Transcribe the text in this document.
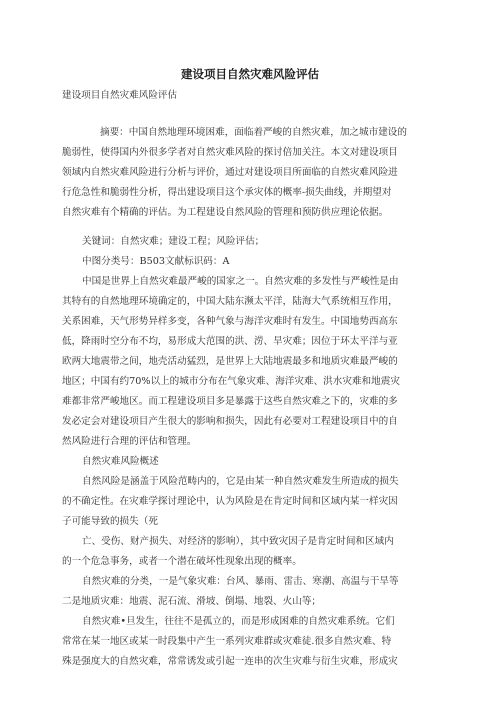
建设项目自然灾难风险评估
建设项目自然灾难风险评估
摘要：中国自然地理环境困难，面临着严峻的自然灾难，加之城市建设的
脆弱性，使得国内外很多学者对自然灾难风险的探讨倍加关注。本文对建设项目
领域内自然灾难风险进行分析与评价，通过对建设项目所面临的自然灾难风险进
行危急性和脆弱性分析，得出建设项目这个承灾体的概率-损失曲线，并期望对
自然灾难有个精确的评估。为工程建设自然风险的管理和预防供应理论依据。
关键词：自然灾难；建设工程；风险评估；
中图分类号：B503文献标识码：A
中国是世界上自然灾难最严峻的国家之一。自然灾难的多发性与严峻性是由
其特有的自然地理环境确定的，中国大陆东濒太平洋，陆海大气系统相互作用，
关系困难，天气形势异样多变，各种气象与海洋灾难时有发生。中国地势西高东
低，降雨时空分布不均，易形成大范围的洪、涝、旱灾难；因位于环太平洋与亚
欧两大地震带之间，地壳活动猛烈，是世界上大陆地震最多和地质灾难最严峻的
地区；中国有约70%以上的城市分布在气象灾难、海洋灾难、洪水灾难和地震灾
难都非常严峻地区。而工程建设项目多是暴露于这些自然灾难之下的，灾难的多
发必定会对建设项目产生很大的影响和损失，因此有必要对工程建设项目中的自
然风险进行合理的评估和管理。
自然灾难风险概述
自然风险是涵盖于风险范畴内的，它是由某一种自然灾难发生所造成的损失
的不确定性。在灾难学探讨理论中，认为风险是在肯定时间和区域内某一样灾因
子可能导致的损失（死
亡、受伤、财产损失、对经济的影响），其中致灾因子是肯定时间和区域内
的一个危急事务，或者一个潜在破坏性现象出现的概率。
自然灾难的分类，一是气象灾难：台风、暴雨、雷击、寒潮、高温与干旱等
二是地质灾难：地震、泥石流、滑坡、倒塌、地裂、火山等；
自然灾难•旦发生，往往不是孤立的，而是形成困难的自然灾难系统。它们
常常在某一地区或某一时段集中产生一系列灾难群或灾难徒.很多自然灾难、特
殊是强度大的自然灾难，常常诱发或引起一连串的次生灾难与衍生灾难，形成灾
